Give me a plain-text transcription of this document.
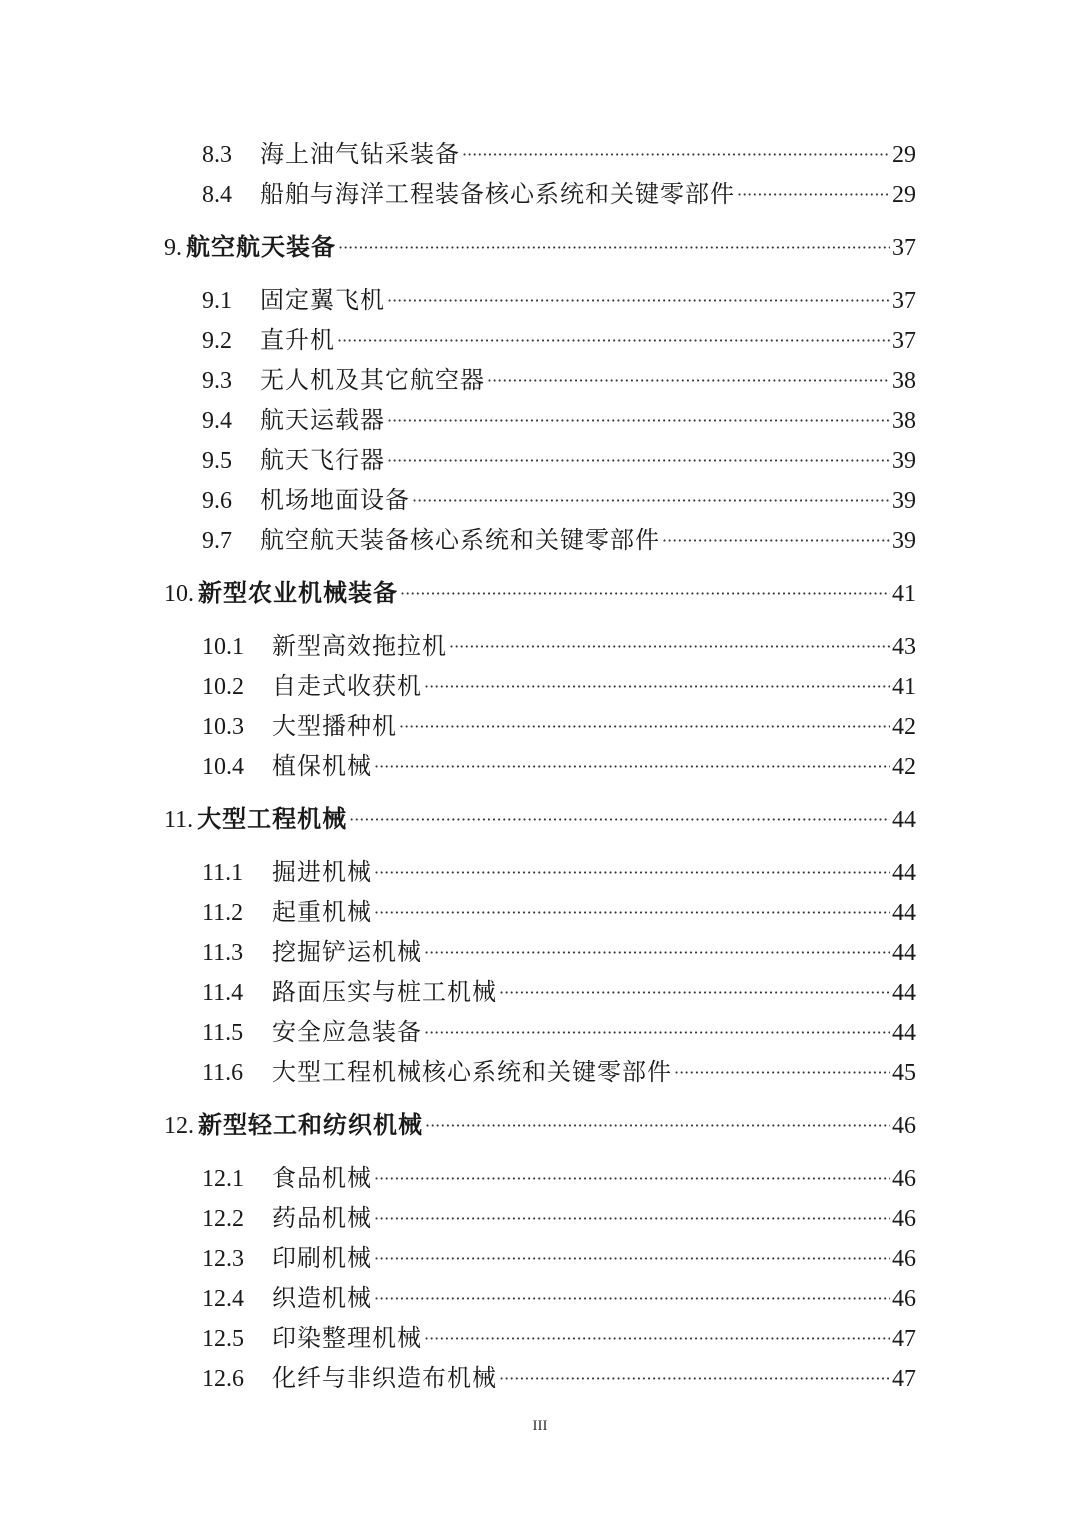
8.3	海上油气钻采装备 ·····	29
8.4	船舶与海洋工程装备核心系统和关键零部件 ·····	29
9. 航空航天装备 ·····	37
9.1	固定翼飞机 ·····	37
9.2	直升机 ·····	37
9.3	无人机及其它航空器 ·····	38
9.4	航天运载器 ·····	38
9.5	航天飞行器 ·····	39
9.6	机场地面设备 ·····	39
9.7	航空航天装备核心系统和关键零部件 ·····	39
10. 新型农业机械装备 ·····	41
10.1	新型高效拖拉机 ·····	43
10.2	自走式收获机 ·····	41
10.3	大型播种机 ·····	42
10.4	植保机械 ·····	42
11. 大型工程机械 ·····	44
11.1	掘进机械 ·····	44
11.2	起重机械 ·····	44
11.3	挖掘铲运机械 ·····	44
11.4	路面压实与桩工机械 ·····	44
11.5	安全应急装备 ·····	44
11.6	大型工程机械核心系统和关键零部件 ·····	45
12. 新型轻工和纺织机械 ·····	46
12.1	食品机械 ·····	46
12.2	药品机械 ·····	46
12.3	印刷机械 ·····	46
12.4	织造机械 ·····	46
12.5	印染整理机械 ·····	47
12.6	化纤与非织造布机械 ·····	47
III
